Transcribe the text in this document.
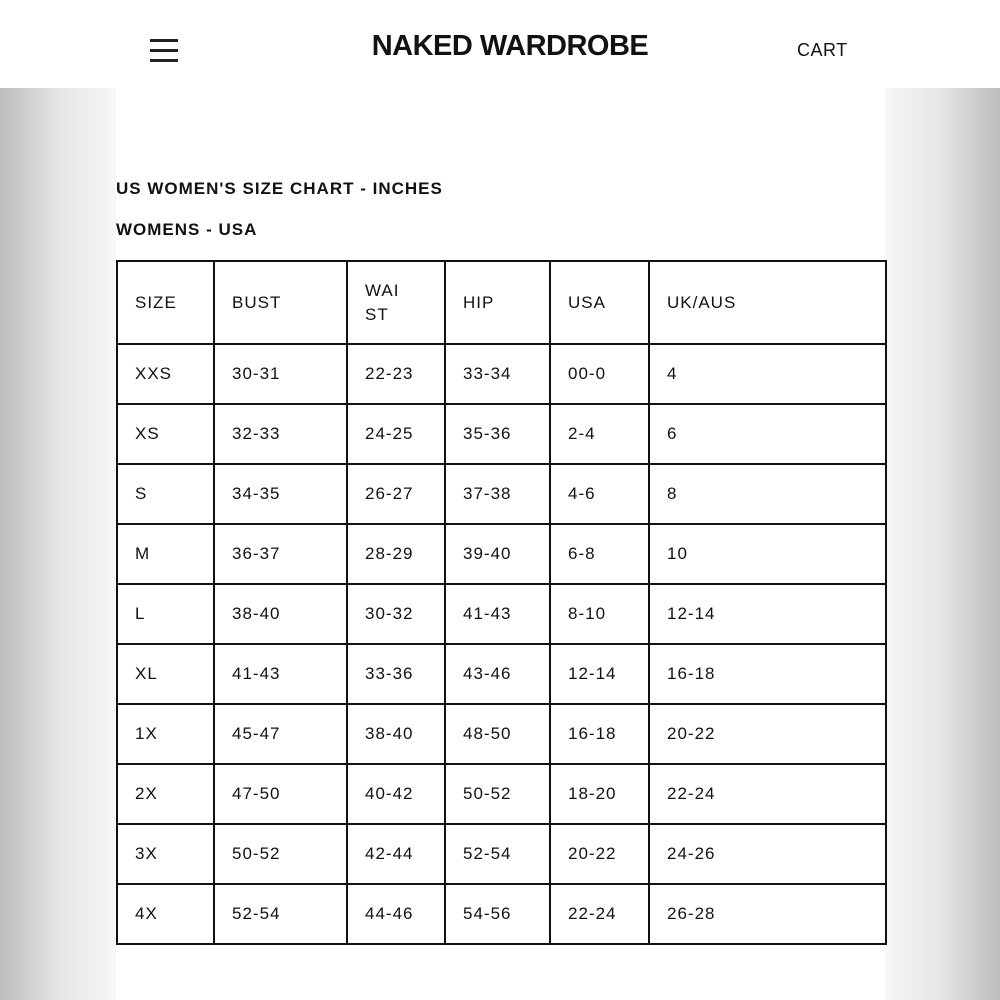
NAKED WARDROBE	CART
US WOMEN'S SIZE CHART - INCHES
WOMENS - USA
SIZE	BUST	WAIST	HIP	USA	UK/AUS
XXS	30-31	22-23	33-34	00-0	4
XS	32-33	24-25	35-36	2-4	6
S	34-35	26-27	37-38	4-6	8
M	36-37	28-29	39-40	6-8	10
L	38-40	30-32	41-43	8-10	12-14
XL	41-43	33-36	43-46	12-14	16-18
1X	45-47	38-40	48-50	16-18	20-22
2X	47-50	40-42	50-52	18-20	22-24
3X	50-52	42-44	52-54	20-22	24-26
4X	52-54	44-46	54-56	22-24	26-28
